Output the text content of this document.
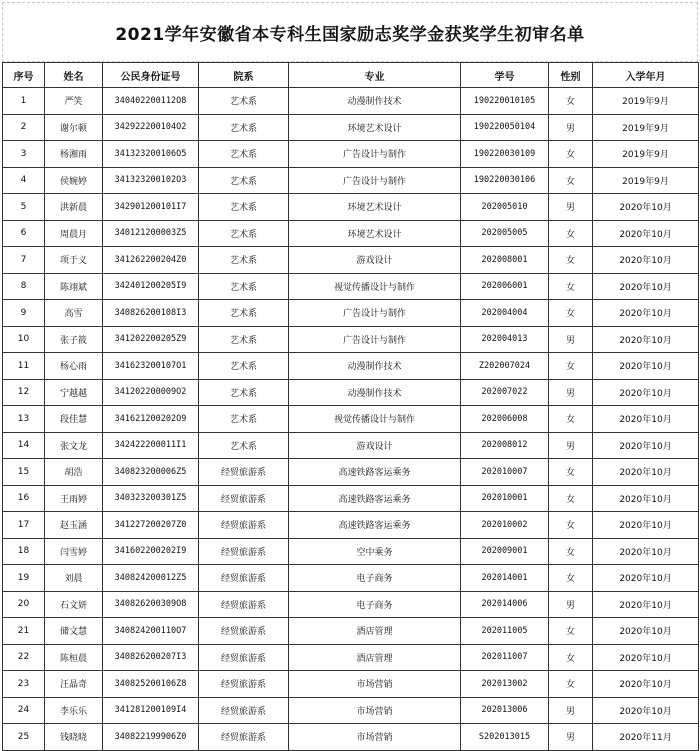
2021学年安徽省本专科生国家励志奖学金获奖学生初审名单
序号	姓名	公民身份证号	院系	专业	学号	性别	入学年月
1	严笑	340402200112O8	艺术系	动漫制作技术	190220010105	女	2019年9月
2	谢尔顿	342922200104O2	艺术系	环境艺术设计	190220050104	男	2019年9月
3	杨湘雨	341323200106O5	艺术系	广告设计与制作	190220030109	女	2019年9月
4	侯婉婷	341323200102O3	艺术系	广告设计与制作	190220030106	女	2019年9月
5	洪新晨	342901200101I7	艺术系	环境艺术设计	202005010	男	2020年10月
6	周晨月	340121200003Z5	艺术系	环境艺术设计	202005005	女	2020年10月
7	项于义	341262200204Z0	艺术系	游戏设计	202008001	女	2020年10月
8	陈翊斌	342401200205I9	艺术系	视觉传播设计与制作	202006001	女	2020年10月
9	高雪	340826200108I3	艺术系	广告设计与制作	202004004	女	2020年10月
10	张子筱	341202200205Z9	艺术系	广告设计与制作	202004013	男	2020年10月
11	杨心雨	341623200107O1	艺术系	动漫制作技术	Z202007024	女	2020年10月
12	宁越越	341202200009O2	艺术系	动漫制作技术	202007022	男	2020年10月
13	段佳慧	341621200202O9	艺术系	视觉传播设计与制作	202006008	女	2020年10月
14	张文龙	342422200011I1	艺术系	游戏设计	202008012	男	2020年10月
15	胡浩	340823200006Z5	经贸旅游系	高速铁路客运乘务	202010007	女	2020年10月
16	王雨婷	340323200301Z5	经贸旅游系	高速铁路客运乘务	202010001	女	2020年10月
17	赵玉涵	341227200207Z0	经贸旅游系	高速铁路客运乘务	202010002	女	2020年10月
18	闫雪婷	341602200202I9	经贸旅游系	空中乘务	202009001	女	2020年10月
19	刘晨	340824200012Z5	经贸旅游系	电子商务	202014001	女	2020年10月
20	石文妍	340826200309O8	经贸旅游系	电子商务	202014006	男	2020年10月
21	储文慧	340824200110O7	经贸旅游系	酒店管理	202011005	女	2020年10月
22	陈桓晨	340826200207I3	经贸旅游系	酒店管理	202011007	女	2020年10月
23	汪晶奇	340825200106Z8	经贸旅游系	市场营销	202013002	女	2020年10月
24	李乐乐	341281200109I4	经贸旅游系	市场营销	202013006	男	2020年10月
25	钱晓晓	340822199906Z0	经贸旅游系	市场营销	S202013015	男	2020年11月
